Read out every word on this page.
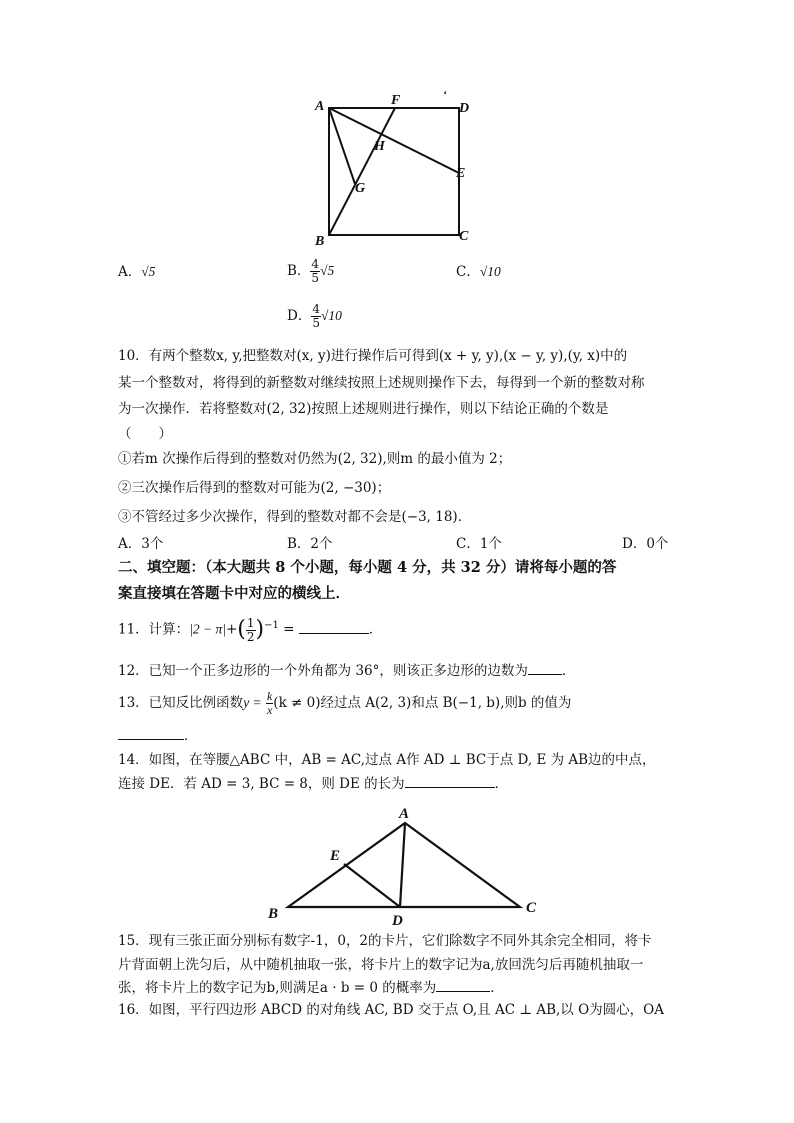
A	F	ʻ
D
H
E
G
B	C
A．√5	B． $\frac{4}{5} √5$	C．√10
D． $\frac{4}{5} √10$
10．有两个整数x, y,把整数对(x, y)进行操作后可得到(x + y, y),(x − y, y),(y, x)中的
某一个整数对，将得到的新整数对继续按照上述规则操作下去，每得到一个新的整数对称
为一次操作．若将整数对(2, 32)按照上述规则进行操作，则以下结论正确的个数是
（　　）
①若m 次操作后得到的整数对仍然为(2, 32),则m 的最小值为 2；
②三次操作后得到的整数对可能为(2, −30)；
③不管经过多少次操作，得到的整数对都不会是(−3, 18)．
A．3个	B．2个	C．1个	D．0个
二、填空题：（本大题共 8 个小题，每小题 4 分，共 32 分）请将每小题的答
案直接填在答题卡中对应的横线上．
11．计算：$|2 - \pi|+( \frac{1}{2} )^{-1}$ =	．
12．已知一个正多边形的一个外角都为 36°，则该正多边形的边数为	．
13．已知反比例函数$y = \frac{k}{x} (k \ne 0)$经过点 A(2, 3)和点 B(−1, b),则b 的值为
．
14．如图，在等腰△ABC 中，AB = AC,过点 A作 AD ⊥ BC于点 D, E 为 AB边的中点，
连接 DE．若 AD = 3, BC = 8，则 DE 的长为	．
A
E
B	D
C
15．现有三张正面分别标有数字-1，0，2的卡片，它们除数字不同外其余完全相同，将卡
片背面朝上洗匀后，从中随机抽取一张，将卡片上的数字记为a,放回洗匀后再随机抽取一
张，将卡片上的数字记为b,则满足a · b = 0 的概率为	．
16．如图，平行四边形 ABCD 的对角线 AC, BD 交于点 O,且 AC ⊥ AB,以 O为圆心，OA
